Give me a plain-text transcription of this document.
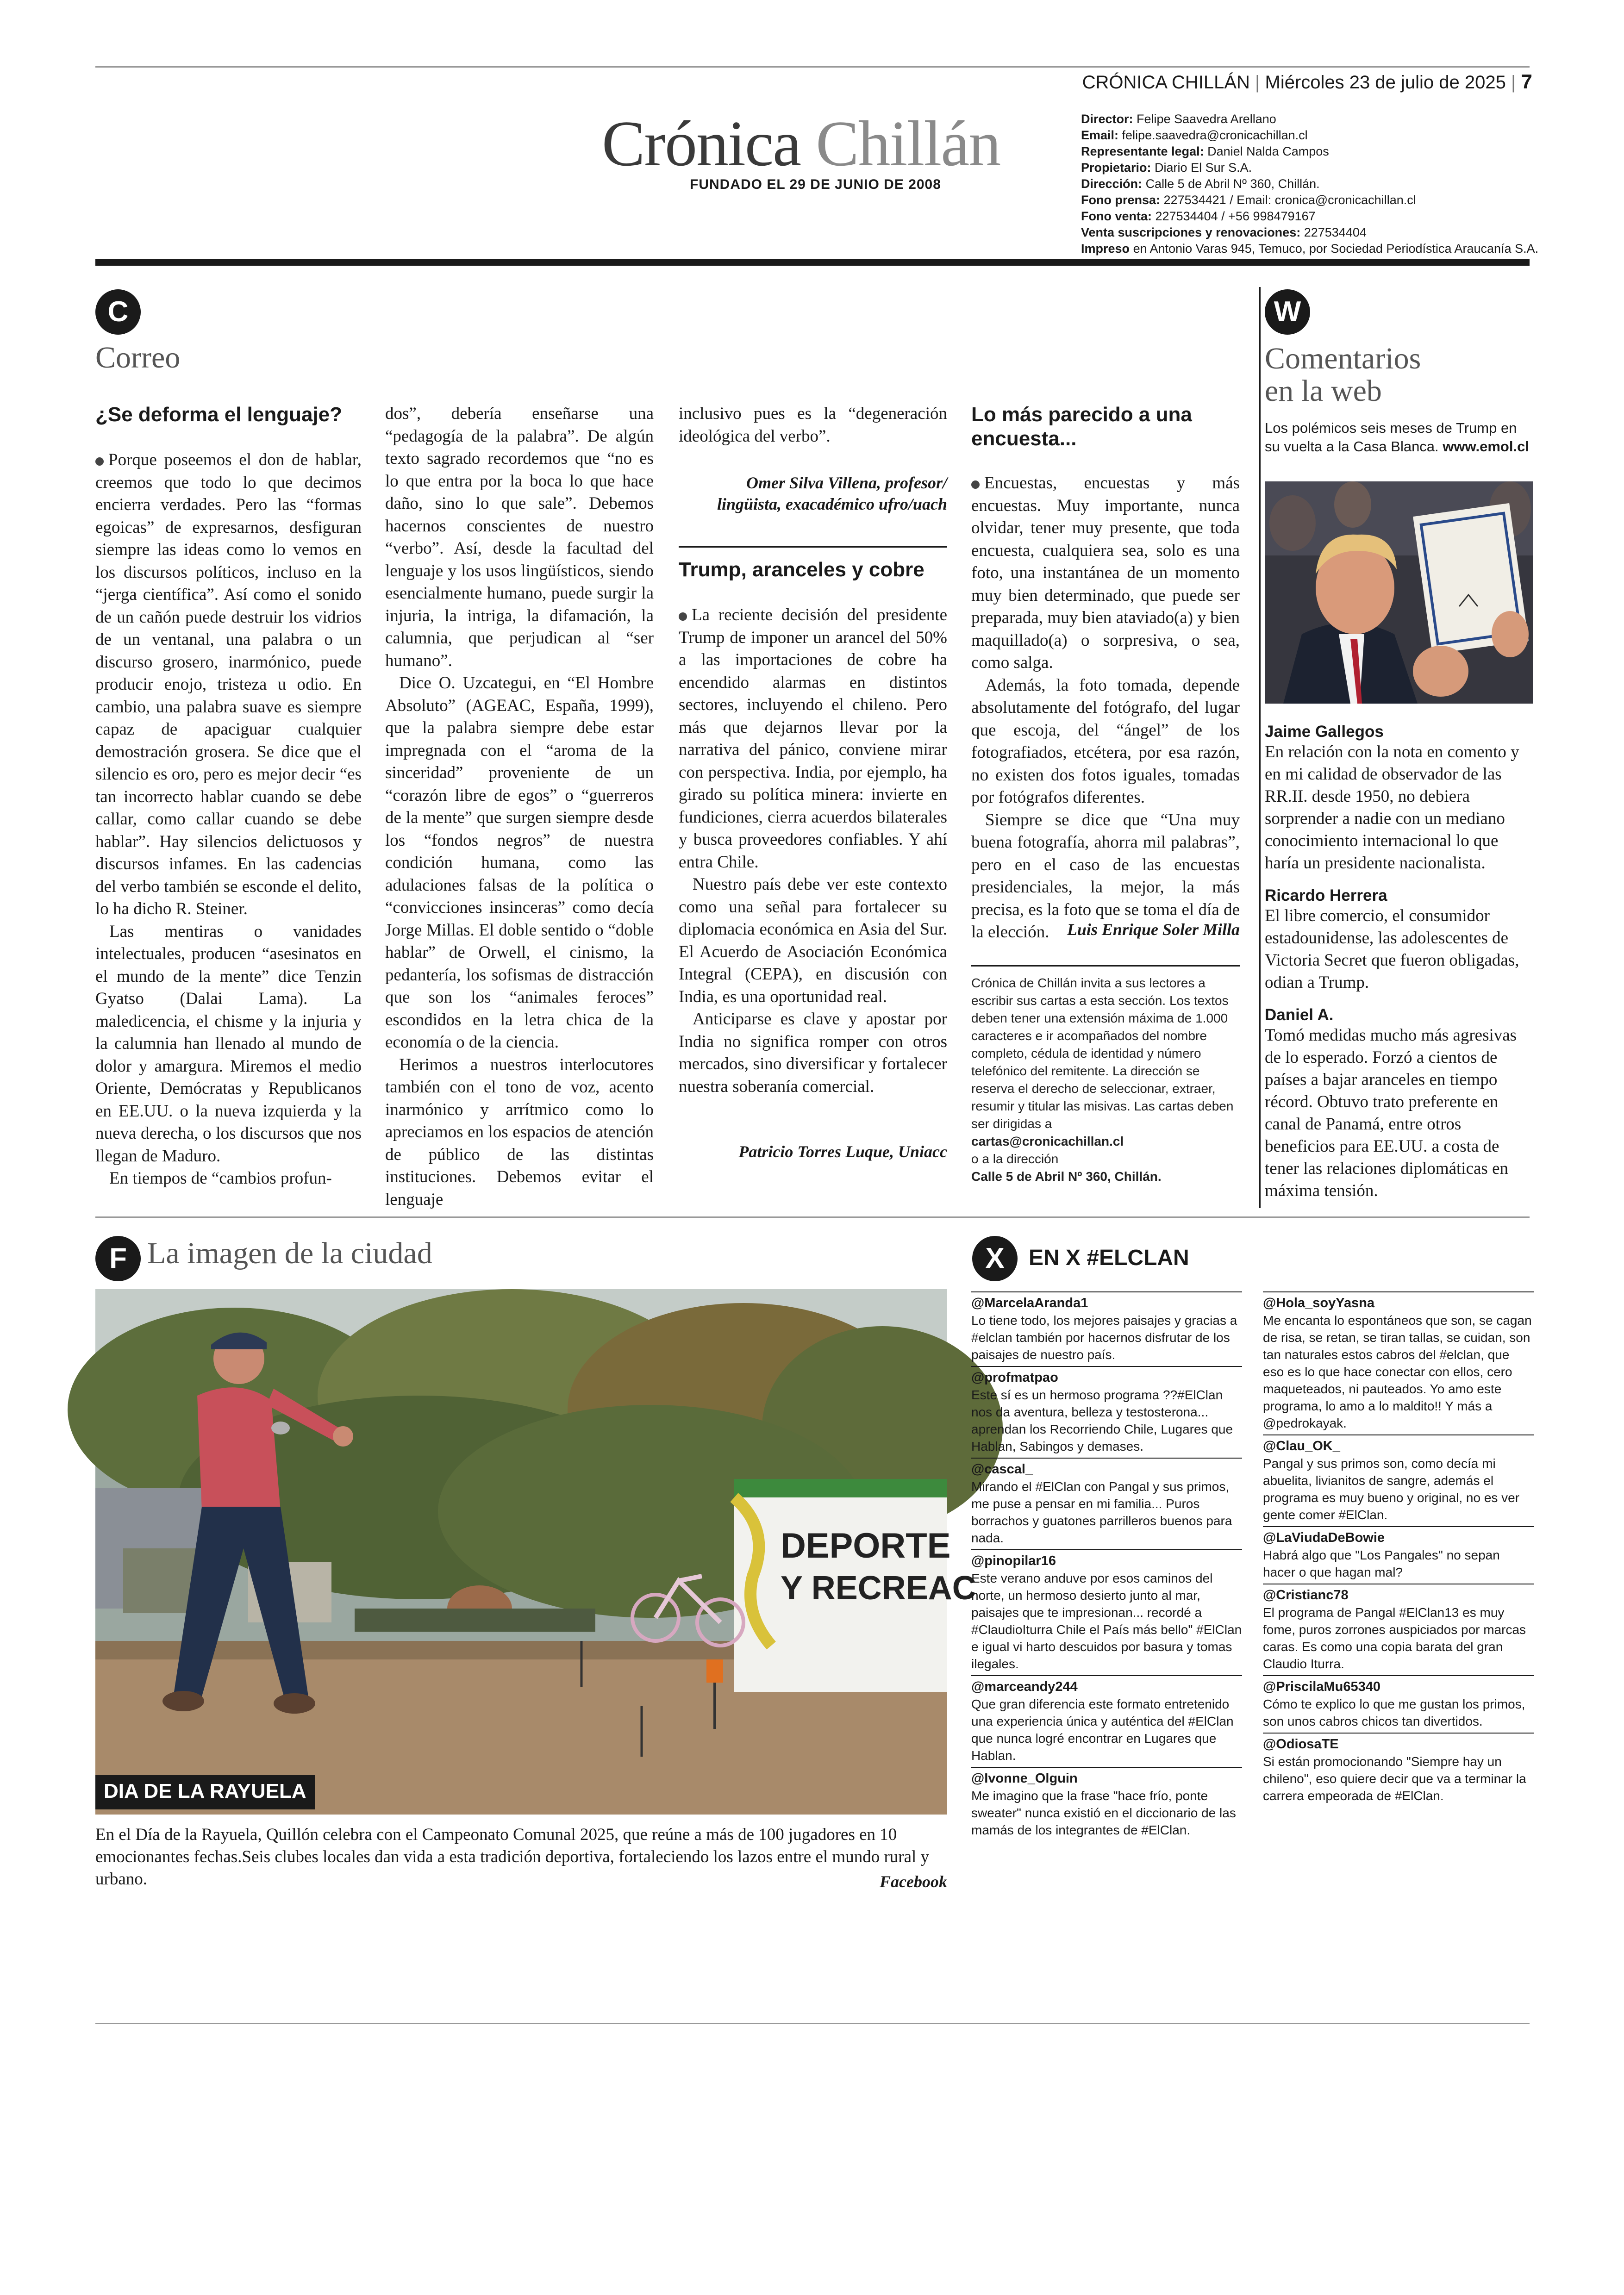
CRÓNICA CHILLÁN | Miércoles 23 de julio de 2025 | 7
Crónica Chillán
FUNDADO EL 29 DE JUNIO DE 2008
Director: Felipe Saavedra Arellano
Email: felipe.saavedra@cronicachillan.cl
Representante legal: Daniel Nalda Campos
Propietario: Diario El Sur S.A.
Dirección: Calle 5 de Abril Nº 360, Chillán.
Fono prensa: 227534421 / Email: cronica@cronicachillan.cl
Fono venta: 227534404 / +56 998479167
Venta suscripciones y renovaciones: 227534404
Impreso en Antonio Varas 945, Temuco, por Sociedad Periodística Araucanía S.A.
C
Correo
¿Se deforma el lenguaje?

Porque poseemos el don de hablar, creemos que todo lo que decimos encierra verdades. Pero las “formas egoicas” de expresarnos, desfiguran siempre las ideas como lo vemos en los discursos políticos, incluso en la “jerga científica”. Así como el sonido de un cañón puede destruir los vidrios de un ventanal, una palabra o un discurso grosero, inarmónico, puede producir enojo, tristeza u odio. En cambio, una palabra suave es siempre capaz de apaciguar cualquier demostración grosera. Se dice que el silencio es oro, pero es mejor decir “es tan incorrecto hablar cuando se debe callar, como callar cuando se debe hablar”. Hay silencios delictuosos y discursos infames. En las cadencias del verbo también se esconde el delito, lo ha dicho R. Steiner.

Las mentiras o vanidades intelectuales, producen “asesinatos en el mundo de la mente” dice Tenzin Gyatso (Dalai Lama). La maledicencia, el chisme y la injuria y la calumnia han llenado al mundo de dolor y amargura. Miremos el medio Oriente, Demócratas y Republicanos en EE.UU. o la nueva izquierda y la nueva derecha, o los discursos que nos llegan de Maduro.

En tiempos de “cambios profun-

dos”, debería enseñarse una “pedagogía de la palabra”. De algún texto sagrado recordemos que “no es lo que entra por la boca lo que hace daño, sino lo que sale”. Debemos hacernos conscientes de nuestro “verbo”. Así, desde la facultad del lenguaje y los usos lingüísticos, siendo esencialmente humano, puede surgir la injuria, la intriga, la difamación, la calumnia, que perjudican al “ser humano”.

Dice O. Uzcategui, en “El Hombre Absoluto” (AGEAC, España, 1999), que la palabra siempre debe estar impregnada con el “aroma de la sinceridad” proveniente de un “corazón libre de egos” o “guerreros de la mente” que surgen siempre desde los “fondos negros” de nuestra condición humana, como las adulaciones falsas de la política o “convicciones insinceras” como decía Jorge Millas. El doble sentido o “doble hablar” de Orwell, el cinismo, la pedantería, los sofismas de distracción que son los “animales feroces” escondidos en la letra chica de la economía o de la ciencia.

Herimos a nuestros interlocutores también con el tono de voz, acento inarmónico y arrítmico como lo apreciamos en los espacios de atención de público de las distintas instituciones. Debemos evitar el lenguaje

inclusivo pues es la “degeneración ideológica del verbo”.

Omer Silva Villena, profesor/ lingüista, exacadémico ufro/uach
Trump, aranceles y cobre

La reciente decisión del presidente Trump de imponer un arancel del 50% a las importaciones de cobre ha encendido alarmas en distintos sectores, incluyendo el chileno. Pero más que dejarnos llevar por la narrativa del pánico, conviene mirar con perspectiva. India, por ejemplo, ha girado su política minera: invierte en fundiciones, cierra acuerdos bilaterales y busca proveedores confiables. Y ahí entra Chile.

Nuestro país debe ver este contexto como una señal para fortalecer su diplomacia económica en Asia del Sur. El Acuerdo de Asociación Económica Integral (CEPA), en discusión con India, es una oportunidad real.

Anticiparse es clave y apostar por India no significa romper con otros mercados, sino diversificar y fortalecer nuestra soberanía comercial.

Patricio Torres Luque, Uniacc
Lo más parecido a una encuesta...

Encuestas, encuestas y más encuestas. Muy importante, nunca olvidar, tener muy presente, que toda encuesta, cualquiera sea, solo es una foto, una instantánea de un momento muy bien determinado, que puede ser preparada, muy bien ataviado(a) y bien maquillado(a) o sorpresiva, o sea, como salga.

Además, la foto tomada, depende absolutamente del fotógrafo, del lugar que escoja, del “ángel” de los fotografiados, etcétera, por esa razón, no existen dos fotos iguales, tomadas por fotógrafos diferentes.

Siempre se dice que “Una muy buena fotografía, ahorra mil palabras”, pero en el caso de las encuestas presidenciales, la mejor, la más precisa, es la foto que se toma el día de la elección.	Luis Enrique Soler Milla
Crónica de Chillán invita a sus lectores a escribir sus cartas a esta sección. Los textos deben tener una extensión máxima de 1.000 caracteres e ir acompañados del nombre completo, cédula de identidad y número telefónico del remitente. La dirección se reserva el derecho de seleccionar, extraer, resumir y titular las misivas. Las cartas deben ser dirigidas a
cartas@cronicachillan.cl
o a la dirección
Calle 5 de Abril Nº 360, Chillán.
W
Comentarios
en la web
Los polémicos seis meses de Trump en su vuelta a la Casa Blanca. www.emol.cl
Jaime Gallegos
En relación con la nota en comento y en mi calidad de observador de las RR.II. desde 1950, no debiera sorprender a nadie con un mediano conocimiento internacional lo que haría un presidente nacionalista.
Ricardo Herrera
El libre comercio, el consumidor estadounidense, las adolescentes de Victoria Secret que fueron obligadas, odian a Trump.
Daniel A.
Tomó medidas mucho más agresivas de lo esperado. Forzó a cientos de países a bajar aranceles en tiempo récord. Obtuvo trato preferente en canal de Panamá, entre otros beneficios para EE.UU. a costa de tener las relaciones diplomáticas en máxima tensión.
F La imagen de la ciudad
DEPORTE
Y RECREAC
DIA DE LA RAYUELA
En el Día de la Rayuela, Quillón celebra con el Campeonato Comunal 2025, que reúne a más de 100 jugadores en 10 emocionantes fechas.Seis clubes locales dan vida a esta tradición deportiva, fortaleciendo los lazos entre el mundo rural y urbano.	Facebook
X	EN X #ELCLAN
@MarcelaAranda1
Lo tiene todo, los mejores paisajes y gracias a #elclan también por hacernos disfrutar de los paisajes de nuestro país.
@profmatpao
Este sí es un hermoso programa ??#ElClan nos da aventura, belleza y testosterona... aprendan los Recorriendo Chile, Lugares que Hablan, Sabingos y demases.
@cascal_
Mirando el #ElClan con Pangal y sus primos, me puse a pensar en mi familia... Puros borrachos y guatones parrilleros buenos para nada.
@pinopilar16
Este verano anduve por esos caminos del norte, un hermoso desierto junto al mar, paisajes que te impresionan... recordé a #ClaudioIturra Chile el País más bello" #ElClan e igual vi harto descuidos por basura y tomas ilegales.
@marceandy244
Que gran diferencia este formato entretenido una experiencia única y auténtica del #ElClan que nunca logré encontrar en Lugares que Hablan.
@Ivonne_Olguin
Me imagino que la frase "hace frío, ponte sweater" nunca existió en el diccionario de las mamás de los integrantes de #ElClan.
@Hola_soyYasna
Me encanta lo espontáneos que son, se cagan de risa, se retan, se tiran tallas, se cuidan, son tan naturales estos cabros del #elclan, que eso es lo que hace conectar con ellos, cero maqueteados, ni pauteados. Yo amo este programa, lo amo a lo maldito!! Y más a @pedrokayak.
@Clau_OK_
Pangal y sus primos son, como decía mi abuelita, livianitos de sangre, además el programa es muy bueno y original, no es ver gente comer #ElClan.
@LaViudaDeBowie
Habrá algo que "Los Pangales" no sepan hacer o que hagan mal?
@Cristianc78
El programa de Pangal #ElClan13 es muy fome, puros zorrones auspiciados por marcas caras. Es como una copia barata del gran Claudio Iturra.
@PriscilaMu65340
Cómo te explico lo que me gustan los primos, son unos cabros chicos tan divertidos.
@OdiosaTE
Si están promocionando "Siempre hay un chileno", eso quiere decir que va a terminar la carrera empeorada de #ElClan.
